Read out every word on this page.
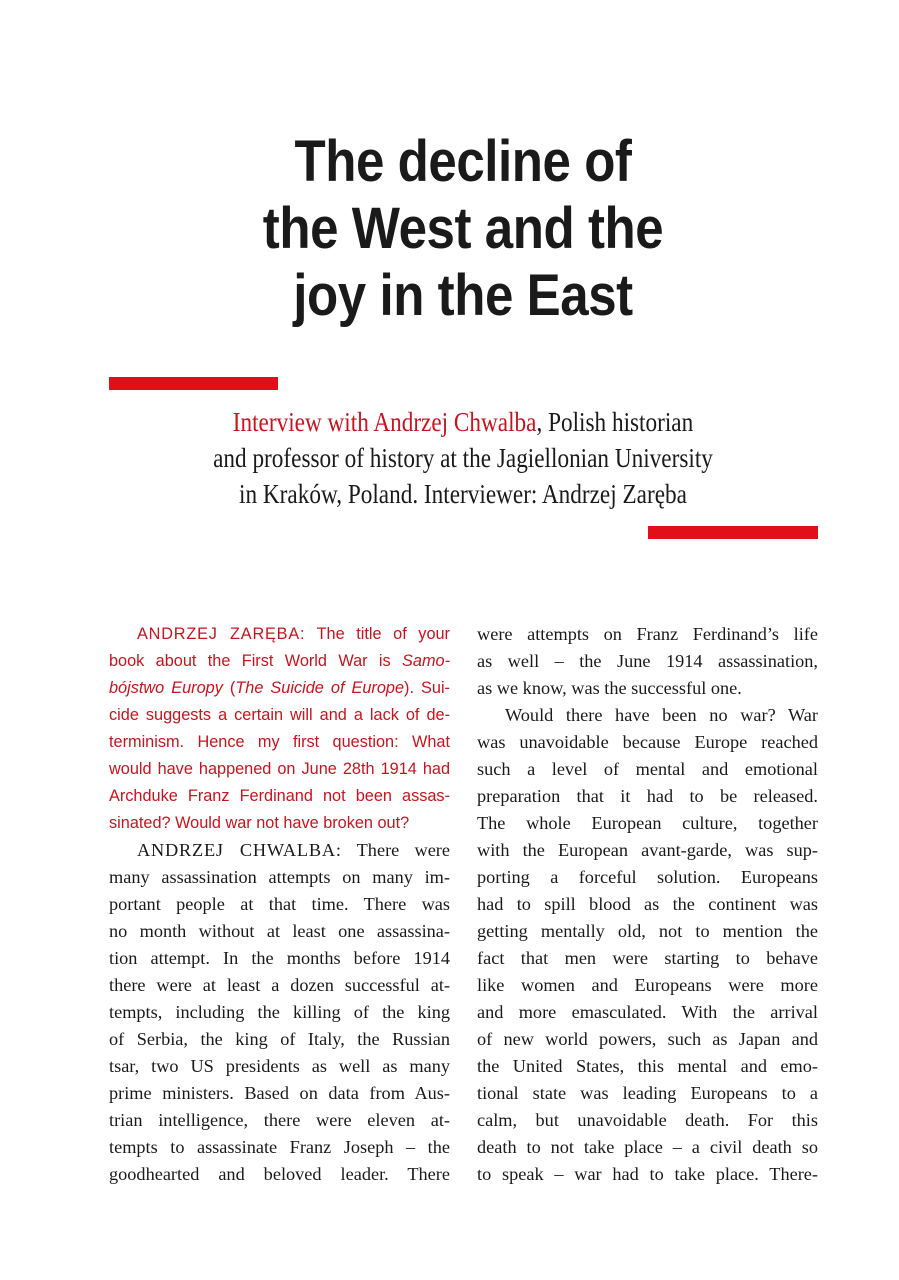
The decline of
the West and the
joy in the East
Interview with Andrzej Chwalba, Polish historian
and professor of history at the Jagiellonian University
in Kraków, Poland. Interviewer: Andrzej Zaręba
ANDRZEJ ZARĘBA: The title of your
book about the First World War is Samo-
bójstwo Europy (The Suicide of Europe). Sui-
cide suggests a certain will and a lack of de-
terminism. Hence my first question: What
would have happened on June 28th 1914 had
Archduke Franz Ferdinand not been assas-
sinated? Would war not have broken out?
ANDRZEJ CHWALBA: There were
many assassination attempts on many im-
portant people at that time. There was
no month without at least one assassina-
tion attempt. In the months before 1914
there were at least a dozen successful at-
tempts, including the killing of the king
of Serbia, the king of Italy, the Russian
tsar, two US presidents as well as many
prime ministers. Based on data from Aus-
trian intelligence, there were eleven at-
tempts to assassinate Franz Joseph – the
goodhearted and beloved leader. There
were attempts on Franz Ferdinand’s life
as well – the June 1914 assassination,
as we know, was the successful one.
Would there have been no war? War
was unavoidable because Europe reached
such a level of mental and emotional
preparation that it had to be released.
The whole European culture, together
with the European avant-garde, was sup-
porting a forceful solution. Europeans
had to spill blood as the continent was
getting mentally old, not to mention the
fact that men were starting to behave
like women and Europeans were more
and more emasculated. With the arrival
of new world powers, such as Japan and
the United States, this mental and emo-
tional state was leading Europeans to a
calm, but unavoidable death. For this
death to not take place – a civil death so
to speak – war had to take place. There-
